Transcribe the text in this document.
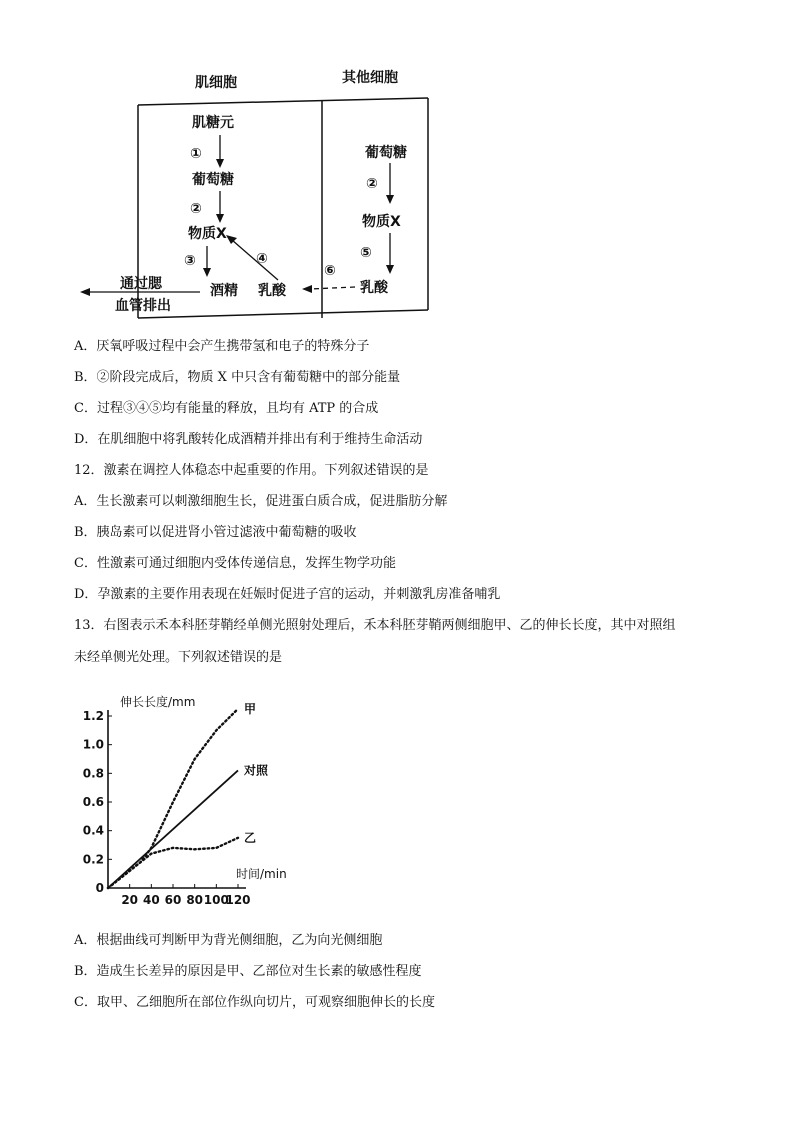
肌细胞	其他细胞
肌糖元
①
葡萄糖
②
物质X
③
酒精
④
乳酸
通过腮
血管排出
葡萄糖
②
物质X
⑤
⑥
乳酸
A．厌氧呼吸过程中会产生携带氢和电子的特殊分子
B．②阶段完成后，物质 X 中只含有葡萄糖中的部分能量
C．过程③④⑤均有能量的释放，且均有 ATP 的合成
D．在肌细胞中将乳酸转化成酒精并排出有利于维持生命活动
12．激素在调控人体稳态中起重要的作用。下列叙述错误的是
A．生长激素可以刺激细胞生长，促进蛋白质合成，促进脂肪分解
B．胰岛素可以促进肾小管过滤液中葡萄糖的吸收
C．性激素可通过细胞内受体传递信息，发挥生物学功能
D．孕激素的主要作用表现在妊娠时促进子宫的运动，并刺激乳房准备哺乳
13．右图表示禾本科胚芽鞘经单侧光照射处理后，禾本科胚芽鞘两侧细胞甲、乙的伸长长度，其中对照组
未经单侧光处理。下列叙述错误的是
伸长长度/mm
时间/min
0
0.2
0.4
0.6
0.8
1.0
1.2
20 40 60 80 100
120
甲
对照
乙
A．根据曲线可判断甲为背光侧细胞，乙为向光侧细胞
B．造成生长差异的原因是甲、乙部位对生长素的敏感性程度
C．取甲、乙细胞所在部位作纵向切片，可观察细胞伸长的长度
